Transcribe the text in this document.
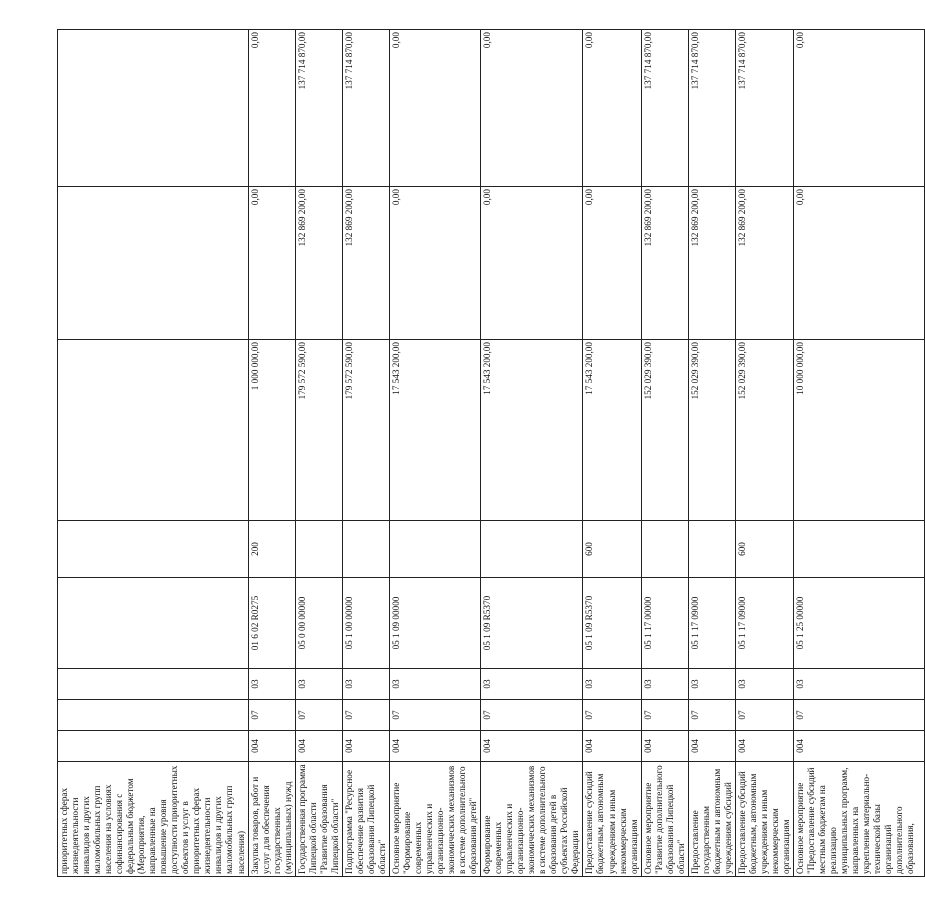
приоритетных сферах жизнедеятельности инвалидов и других маломобильных групп населения на условиях софинансирования с федеральным бюджетом (Мероприятия, направленные на повышение уровня доступности приоритетных объектов и услуг в приоритетных сферах жизнедеятельности инвалидов и других маломобильных групп населения)								
Закупка товаров, работ и услуг для обеспечения государственных (муниципальных) нужд	004	07	03	01 6 02 R0275	200	1 000 000,00	0,00	0,00
Государственная программа Липецкой области "Развитие образования Липецкой области"	004	07	03	05 0 00 00000		179 572 590,00	132 869 200,00	137 714 870,00
Подпрограмма "Ресурсное обеспечение развития образования Липецкой области"	004	07	03	05 1 00 00000		179 572 590,00	132 869 200,00	137 714 870,00
Основное мероприятие "Формирование современных управленческих и организационно-экономических механизмов в системе дополнительного образования детей"	004	07	03	05 1 09 00000		17 543 200,00	0,00	0,00
Формирование современных управленческих и организационно-экономических механизмов в системе дополнительного образования детей в субъектах Российской Федерации	004	07	03	05 1 09 R5370		17 543 200,00	0,00	0,00
Предоставление субсидий бюджетным, автономным учреждениям и иным некоммерческим организациям	004	07	03	05 1 09 R5370	600	17 543 200,00	0,00	0,00
Основное мероприятие "Развитие дополнительного образования Липецкой области"	004	07	03	05 1 17 00000		152 029 390,00	132 869 200,00	137 714 870,00
Предоставление государственным бюджетным и автономным учреждениям субсидий	004	07	03	05 1 17 09000		152 029 390,00	132 869 200,00	137 714 870,00
Предоставление субсидий бюджетным, автономным учреждениям и иным некоммерческим организациям	004	07	03	05 1 17 09000	600	152 029 390,00	132 869 200,00	137 714 870,00
Основное мероприятие "Предоставление субсидий местным бюджетам на реализацию муниципальных программ, направленных на укрепление материально-технической базы организаций дополнительного образования,	004	07	03	05 1 25 00000		10 000 000,00	0,00	0,00
